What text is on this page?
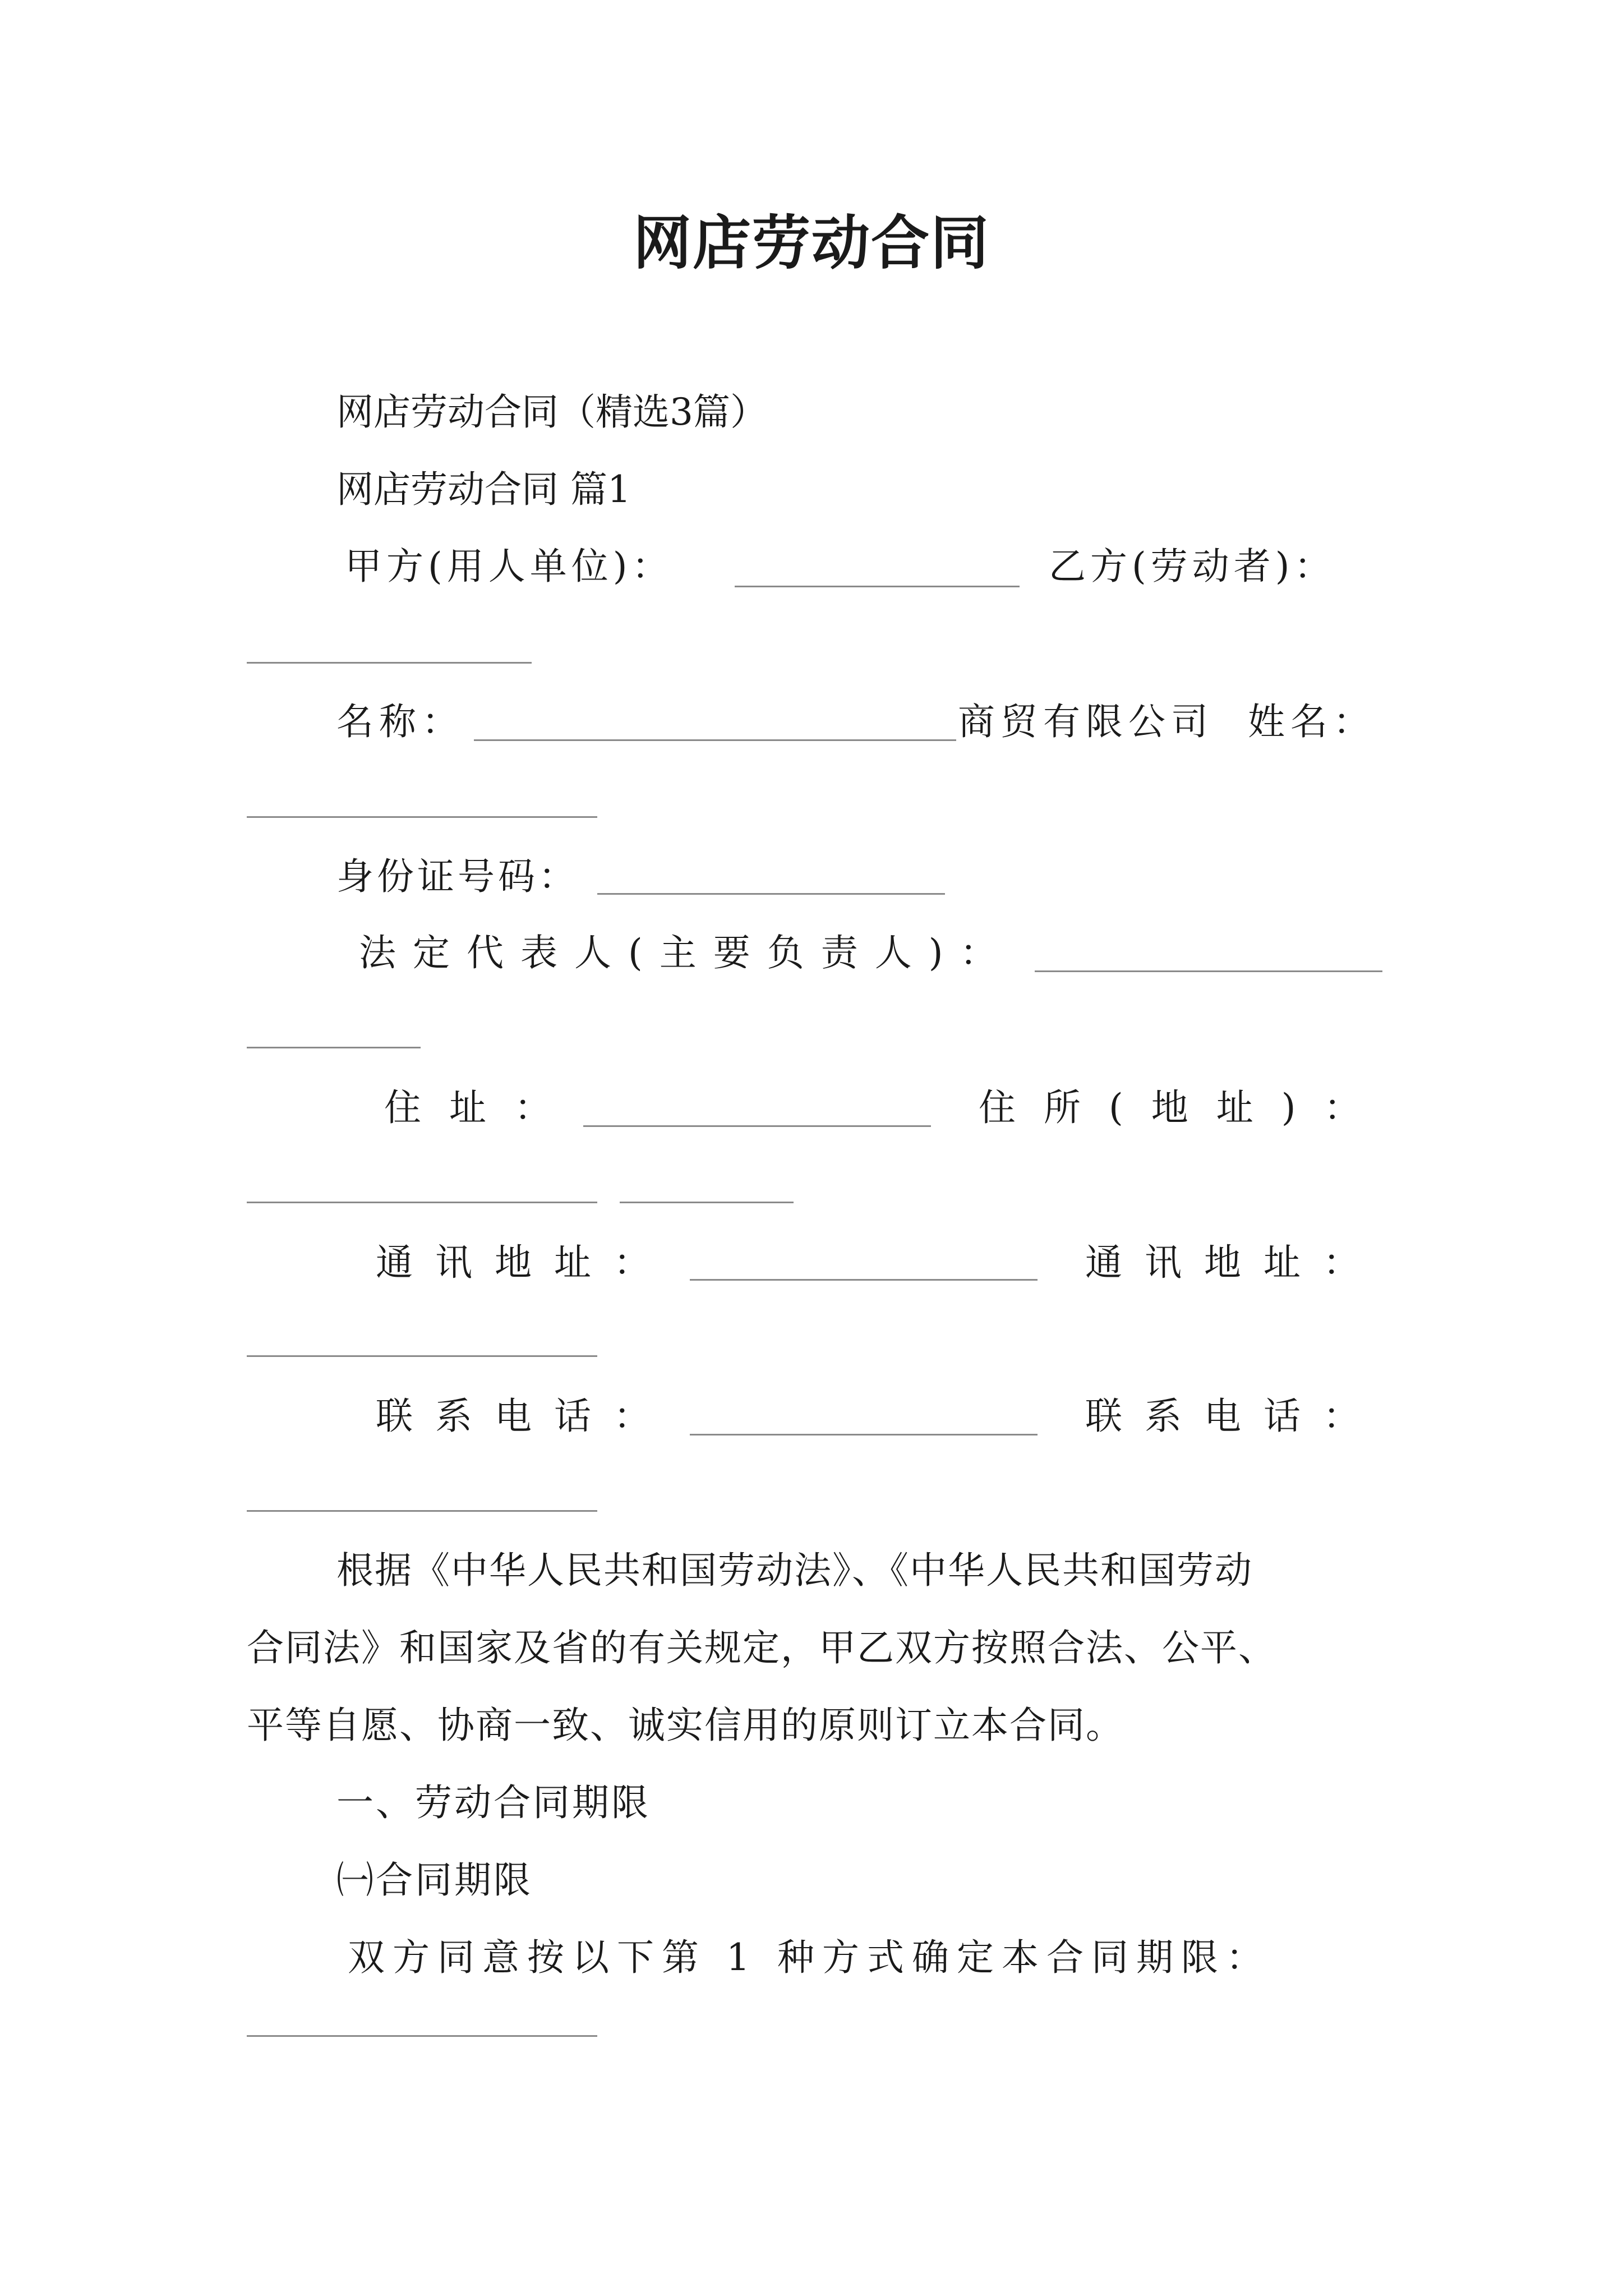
网店劳动合同
网店劳动合同（精选3篇）
网店劳动合同 篇1
甲方(用人单位)：	乙方(劳动者)：
名称：	商贸有限公司 姓名：
身份证号码：
法定代表人(主要负责人)：
住址：	住所(地址)：
通讯地址：	通讯地址：
联系电话：	联系电话：
根据《中华人民共和国劳动法》、《中华人民共和国劳动
合同法》和国家及省的有关规定，甲乙双方按照合法、公平、
平等自愿、协商一致、诚实信用的原则订立本合同。
一、劳动合同期限
㈠合同期限
双方同意按以下第 1 种方式确定本合同期限：
